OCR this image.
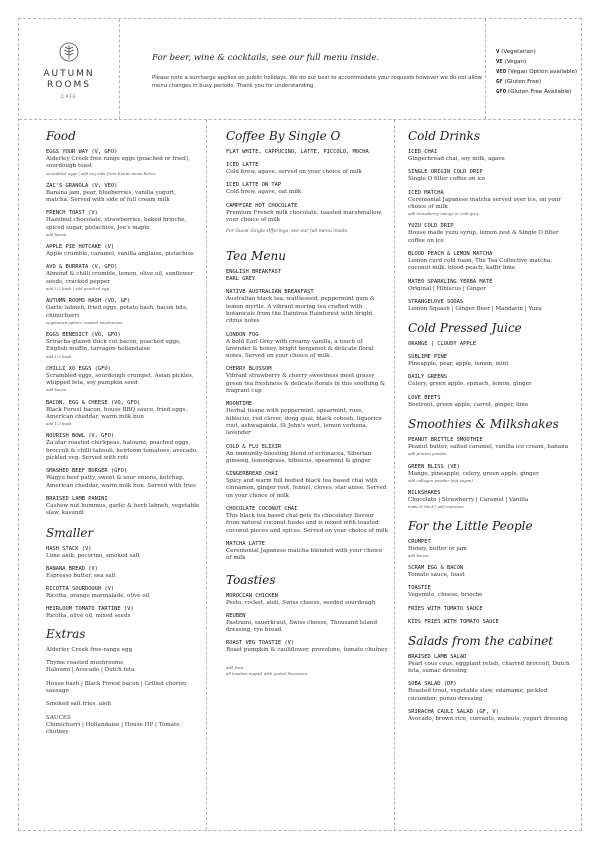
AUTUMN
ROOMS
CAFE
For beer, wine & cocktails, see our full menu inside.
Please note a surcharge applies on public holidays. We do our best to accommodate your requests however we do not allow menu changes in busy periods. Thank you for understanding.
V (Vegetarian)
VE (Vegan)
VEO (Vegan Option available)
GF (Gluten Free)
GFO (Gluten Free Available)
Food
EGGS YOUR WAY (V, GFO)
Alderley Creek free range eggs (poached or fried), sourdough toast
scrambled eggs | add any side from Extras menu below
ZAC'S GRANOLA (V, VEO)
Banana jam, pear, blueberries, vanilla yogurt, matcha. Served with side of full cream milk
FRENCH TOAST (V)
Hazelnut chocolate, strawberries, baked brioche, spiced sugar, pistachios, Joe's maple
add bacon
APPLE PIE HOTCAKE (V)
Apple crumble, caramel, vanilla anglaise, pistachios
AVO & BURRATA (V, GFO)
Almond & chilli crumble, lemon, olive oil, sunflower seeds, cracked pepper
add 1/2 bush | add poached egg
AUTUMN ROOMS HASH (VO, GF)
Garlic labneh, fried eggs, potato hash, bacon bits, chimichurri
vegetarian option: roasted mushrooms
EGGS BENEDICT (VO, GFO)
Sriracha-glazed thick cut bacon, poached eggs, English muffin, tarragon hollandaise
add 1/2 bush
CHILLI XO EGGS (GFO)
Scrambled eggs, sourdough crumpet, Asian pickles, whipped feta, soy pumpkin seed
add bacon
BACON, EGG & CHEESE (VO, GFO)
Black Forest bacon, house BBQ sauce, fried eggs, American cheddar, warm milk bun
add 1/2 bush
NOURISH BOWL (V, GFO)
Za'atar roasted chickpeas, haloumi, poached eggs, broccoli & chilli tabouli, heirloom tomatoes, avocado, pickled veg. Served with roti
SMASHED BEEF BURGER (GFO)
Wagyu beef patty, sweet & sour onions, ketchup, American cheddar, warm milk bun. Served with fries
BRAISED LAMB PANINI
Cashew nut hummus, garlic & herb labneh, vegetable slaw, kasundi
Smaller
HASH STACK (V)
Lime aioli, pecorino, smoked salt
BANANA BREAD (V)
Espresso butter, sea salt
RICOTTA SOURDOUGH (V)
Ricotta, orange marmalade, olive oil
HEIRLOOM TOMATO TARTINE (V)
Ricotta, olive oil, mixed seeds
Extras
Alderley Creek free-range egg
Thyme roasted mushrooms
Haloumi | Avocado | Dutch feta
House hash | Black Forest bacon | Grilled chorizo sausage
Smoked salt fries, aioli
SAUCES
Chimichurri | Hollandaise | House HP | Tomato chutney
Coffee By Single O
FLAT WHITE, CAPPUCINO, LATTE, PICCOLO, MOCHA
ICED LATTE
Cold brew, agave, served on your choice of milk
ICED LATTE ON TAP
Cold brew, agave, oat milk
CAMPFIRE HOT CHOCOLATE
Premium French milk chocolate, toasted marshmallow, your choice of milk
For Guest Single Offerings, see our full menu inside.
Tea Menu
ENGLISH BREAKFAST
EARL GREY
NATIVE AUSTRALIAN BREAKFAST
Australian black tea, wattleseed, peppermint gum & lemon myrtle. A vibrant moring tea crafted with botanicals from the Daintree Rainforest with bright citrus notes
LONDON FOG
A bold Earl Grey with creamy vanilla, a touch of lavender & honey, bright bergamot & delicate floral notes. Served on your choice of milk
CHERRY BLOSSOM
Vibrant strawberry & cherry sweetness meet grassy green tea freshness & delicate florals in this soothing & fragrant cup
MOONTIME
Herbal tisane with peppermint, spearmint, rose, hibiscus, red clover, dong quai, black cohosh, liquorice root, ashwaganda, St John's wort, lemon verbena, lavender
COLD & FLU ELIXIR
An immunity-boosting blend of echinacea, Siberian ginseng, lemongrass, hibiscus, spearmint & ginger
GINGERBREAD CHAI
Spicy and warm full bodied black tea based chai with cinnamon, ginger root, fennel, cloves, star anise. Served on your choice of milk
CHOCOLATE COCONUT CHAI
This black tea based chai gets its chocolatey flavour from natural coconut husks and is mixed with toasted coconut pieces and spices. Served on your choice of milk
MATCHA LATTE
Ceremonial Japanese matcha blended with your choice of milk
Toasties
MOROCCAN CHICKEN
Pesto, rocket, aioli, Swiss cheese, seeded sourdough
REUBEN
Pastrami, sauerkraut, Swiss cheese, Thousand Island dressing, rye bread
ROAST VEG TOASTIE (V)
Roast pumpkin & cauliflower, provolone, tomato chutney
add fries
all toasties topped with grated Parmesan
Cold Drinks
ICED CHAI
Gingerbread chai, soy milk, agave
SINGLE ORIGIN COLD DRIP
Single O filter coffee on ice
ICED MATCHA
Ceremonial Japanese matcha served over ice, on your choice of milk
add strawberry, mango or cold grey
YUZU COLD DRIP
House made yuzu syrup, lemon zest & Single O filter coffee on ice
BLOOD PEACH & LEMON MATCHA
Lemon curd cold foam, The Tea Collective matcha, coconut milk, blood peach, kaffir lime
MATEÓ SPARKLING YERBA MATÉ
Original | Hibiscus | Ginger
STRANGELOVE SODAS
Lemon Squash | Ginger Beer | Mandarin | Yuzu
Cold Pressed Juice
ORANGE | CLOUDY APPLE
SUBLIME PINE
Pineapple, pear, apple, lemon, mint
DAILY GREENS
Celery, green apple, spinach, lemon, ginger
LOVE BEETS
Beetroot, green apple, carrot, ginger, lime
Smoothies & Milkshakes
PEANUT BRITTLE SMOOTHIE
Peanut butter, salted caramel, vanilla ice cream, banana
add protein powder
GREEN BLISS (VE)
Mango, pineapple, celery, green apple, ginger
add collagen powder (not vegan)
MILKSHAKES
Chocolate | Strawberry | Caramel | Vanilla
make it thick | add espresso
For the Little People
CRUMPET
Honey, butter or jam
add bacon
SCRAM EGG & BACON
Tomato sauce, toast
TOASTIE
Vegemite, cheese, brioche
FRIES WITH TOMATO SAUCE
KIDS FRIES WITH TOMATO SAUCE
Salads from the cabinet
BRAISED LAMB SALAD
Pearl cous cous, eggplant relish, charred broccoli, Dutch feta, sumac dressing
SOBA SALAD (DF)
Roasted trout, vegetable slaw, edamame, pickled cucumber, ponzu dressing
SRIRACHA CAULI SALAD (GF, V)
Avocado, brown rice, currants, walnuts, yogurt dressing
